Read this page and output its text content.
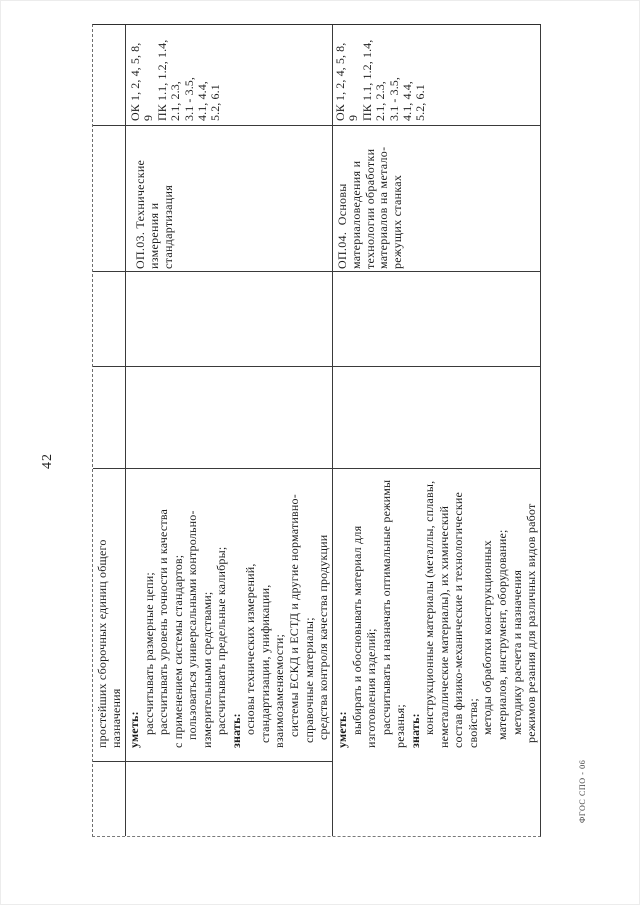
42
простейших сборочных единиц общего назначения уметь: рассчитывать размерные цепи; рассчитывать уровень точности и качества с применением системы стандартов; пользоваться универсальными контрольно- измерительными средствами; рассчитывать предельные калибры; знать: основы технических измерений, стандартизации, унификации, взаимозаменяемости; системы ЕСКД и ЕСТД и другие нормативно- справочные материалы; средства контроля качества продукции
ОП.03. Технические измерения и стандартизация
ОК 1, 2, 4, 5, 8, 9 ПК 1.1, 1.2, 1.4, 2.1, 2.3, 3.1 - 3.5, 4.1, 4.4, 5.2, 6.1
уметь: выбирать и обосновывать материал для изготовления изделий; рассчитывать и назначать оптимальные режимы резанья; знать: конструкционные материалы (металлы, сплавы, неметаллические материалы), их химический состав физико-механические и технологические свойства; методы обработки конструкционных материалов, инструмент, оборудование; методику расчета и назначения режимов резания для различных видов работ
ОП.04.  Основы материаловедения и технологии обработки материалов на метало- режущих станках
ОК 1, 2, 4, 5, 8, 9 ПК 1.1, 1.2, 1.4, 2.1, 2.3, 3.1 - 3.5, 4.1, 4.4, 5.2, 6.1
ФГОС СПО - 06
